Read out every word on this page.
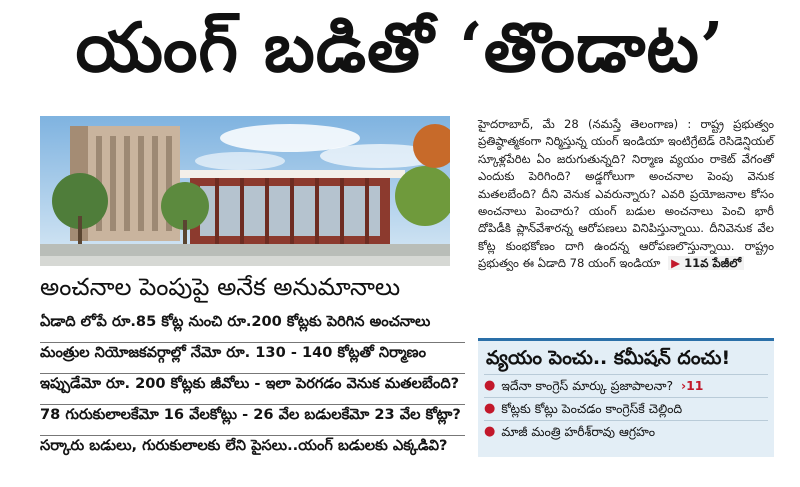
యంగ్ బడితో ‘తొండాట’
అంచనాల పెంపుపై అనేక అనుమానాలు
ఏడాది లోపే రూ.85 కోట్ల నుంచి రూ.200 కోట్లకు పెరిగిన అంచనాలు
మంత్రుల నియోజకవర్గాల్లో నేమో రూ. 130 - 140 కోట్లతో నిర్మాణం
ఇప్పుడేమో రూ. 200 కోట్లకు జీవోలు - ఇలా పెరగడం వెనుక మతలబేంది?
78 గురుకులాలకేమో 16 వేలకోట్లు - 26 వేల బడులకేమో 23 వేల కోట్లా?
సర్కారు బడులు, గురుకులాలకు లేని పైసలు..యంగ్ బడులకు ఎక్కడివి?
హైదరాబాద్, మే 28 (నమస్తే తెలంగాణ) : రాష్ట్ర ప్రభుత్వం ప్రతిష్ఠాత్మకంగా నిర్మిస్తున్న యంగ్ ఇండియా ఇంటిగ్రేటెడ్ రెసిడెన్షియల్ స్కూళ్లపేరిట ఏం జరుగుతున్నది? నిర్మాణ వ్యయం రాకెట్ వేగంతో ఎందుకు పెరిగింది? అడ్డగోలుగా అంచనాల పెంపు వెనుక మతలబేంది? దీని వెనుక ఎవరున్నారు? ఎవరి ప్రయోజనాల కోసం అంచనాలు పెంచారు? యంగ్ బడుల అంచనాలు పెంచి భారీ దోపిడీకి ప్లాన్‌వేశారన్న ఆరోపణలు వినిపిస్తున్నాయి. దీనివెనుక వేల కోట్ల కుంభకోణం దాగి ఉందన్న ఆరోపణలొస్తున్నాయి. రాష్ట్రం ప్రభుత్వం ఈ ఏడాది 78 యంగ్ ఇండియా ▶ 11వ పేజీలో
వ్యయం పెంచు.. కమీషన్ దంచు!
● ఇదేనా కాంగ్రెస్ మార్కు ప్రజాపాలనా? ›11
● కోట్లకు కోట్లు పెంచడం కాంగ్రెస్‌కే చెల్లింది
● మాజీ మంత్రి హరీశ్‌రావు ఆగ్రహం
